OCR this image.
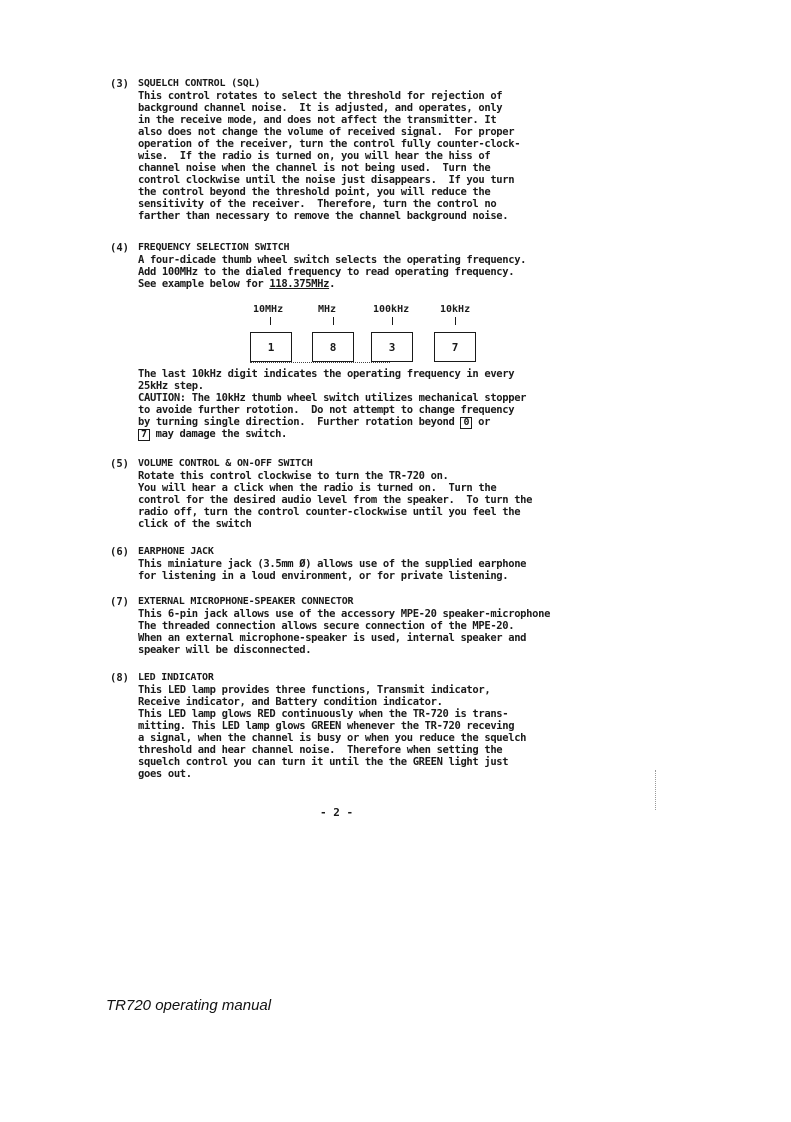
(3) SQUELCH CONTROL (SQL)
This control rotates to select the threshold for rejection of
background channel noise.  It is adjusted, and operates, only
in the receive mode, and does not affect the transmitter. It
also does not change the volume of received signal.  For proper
operation of the receiver, turn the control fully counter-clock-
wise.  If the radio is turned on, you will hear the hiss of
channel noise when the channel is not being used.  Turn the
control clockwise until the noise just disappears.  If you turn
the control beyond the threshold point, you will reduce the
sensitivity of the receiver.  Therefore, turn the control no
farther than necessary to remove the channel background noise.
(4) FREQUENCY SELECTION SWITCH
A four-dicade thumb wheel switch selects the operating frequency.
Add 100MHz to the dialed frequency to read operating frequency.
See example below for 118.375MHz.
10MHz	MHz	100kHz	10kHz
1	8	3	7
The last 10kHz digit indicates the operating frequency in every
25kHz step.
CAUTION: The 10kHz thumb wheel switch utilizes mechanical stopper
to avoide further rototion.  Do not attempt to change frequency
by turning single direction.  Further rotation beyond 0 or
7 may damage the switch.
(5) VOLUME CONTROL & ON-OFF SWITCH
Rotate this control clockwise to turn the TR-720 on.
You will hear a click when the radio is turned on.  Turn the
control for the desired audio level from the speaker.  To turn the
radio off, turn the control counter-clockwise until you feel the
click of the switch
(6) EARPHONE JACK
This miniature jack (3.5mm Ø) allows use of the supplied earphone
for listening in a loud environment, or for private listening.
(7) EXTERNAL MICROPHONE-SPEAKER CONNECTOR
This 6-pin jack allows use of the accessory MPE-20 speaker-microphone
The threaded connection allows secure connection of the MPE-20.
When an external microphone-speaker is used, internal speaker and
speaker will be disconnected.
(8) LED INDICATOR
This LED lamp provides three functions, Transmit indicator,
Receive indicator, and Battery condition indicator.
This LED lamp glows RED continuously when the TR-720 is trans-
mitting. This LED lamp glows GREEN whenever the TR-720 receving
a signal, when the channel is busy or when you reduce the squelch
threshold and hear channel noise.  Therefore when setting the
squelch control you can turn it until the the GREEN light just
goes out.
- 2 -
TR720 operating manual
